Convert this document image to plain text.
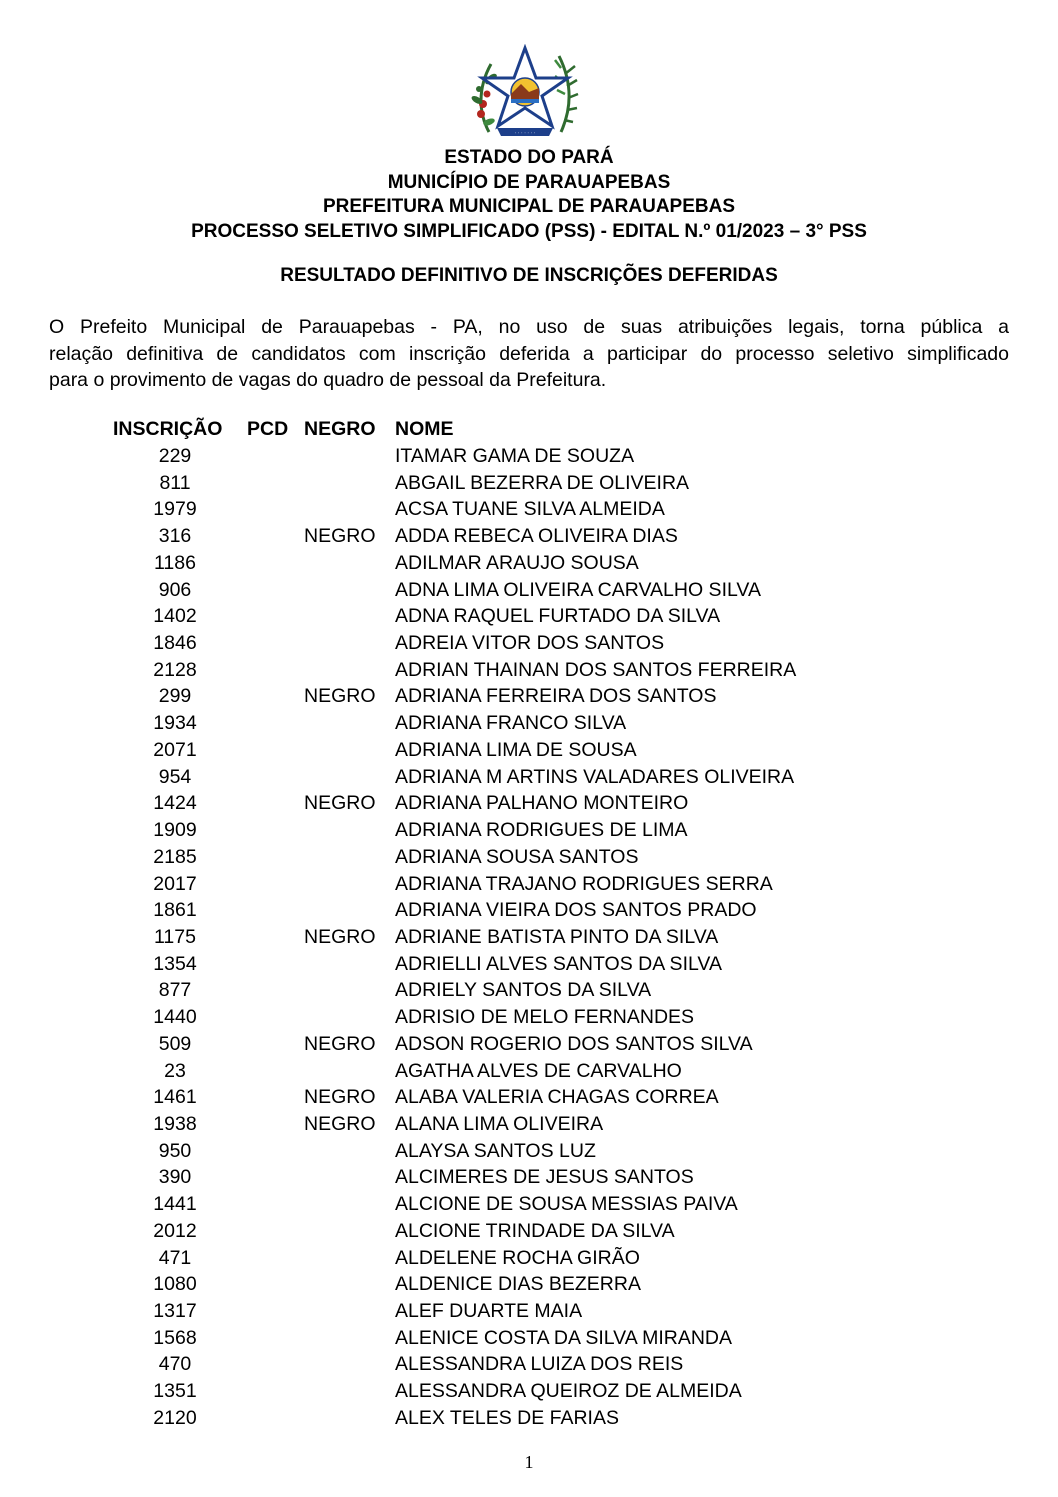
· · · · · · ·
ESTADO DO PARÁ
MUNICÍPIO DE PARAUAPEBAS
PREFEITURA MUNICIPAL DE PARAUAPEBAS
PROCESSO SELETIVO SIMPLIFICADO (PSS) - EDITAL N.º 01/2023 – 3° PSS
RESULTADO DEFINITIVO DE INSCRIÇÕES DEFERIDAS
O Prefeito Municipal de Parauapebas - PA, no uso de suas atribuições legais, torna pública a
relação definitiva de candidatos com inscrição deferida a participar do processo seletivo simplificado
para o provimento de vagas do quadro de pessoal da Prefeitura.
INSCRIÇÃO PCD NEGRO NOME
229	ITAMAR GAMA DE SOUZA
811	ABGAIL BEZERRA DE OLIVEIRA
1979	ACSA TUANE SILVA ALMEIDA
316	NEGRO ADDA REBECA OLIVEIRA DIAS
1186	ADILMAR ARAUJO SOUSA
906	ADNA LIMA OLIVEIRA CARVALHO SILVA
1402	ADNA RAQUEL FURTADO DA SILVA
1846	ADREIA VITOR DOS SANTOS
2128	ADRIAN THAINAN DOS SANTOS FERREIRA
299	NEGRO ADRIANA FERREIRA DOS SANTOS
1934	ADRIANA FRANCO SILVA
2071	ADRIANA LIMA DE SOUSA
954	ADRIANA M ARTINS VALADARES OLIVEIRA
1424	NEGRO ADRIANA PALHANO MONTEIRO
1909	ADRIANA RODRIGUES DE LIMA
2185	ADRIANA SOUSA SANTOS
2017	ADRIANA TRAJANO RODRIGUES SERRA
1861	ADRIANA VIEIRA DOS SANTOS PRADO
1175	NEGRO ADRIANE BATISTA PINTO DA SILVA
1354	ADRIELLI ALVES SANTOS DA SILVA
877	ADRIELY SANTOS DA SILVA
1440	ADRISIO DE MELO FERNANDES
509	NEGRO ADSON ROGERIO DOS SANTOS SILVA
23	AGATHA ALVES DE CARVALHO
1461	NEGRO ALABA VALERIA CHAGAS CORREA
1938	NEGRO ALANA LIMA OLIVEIRA
950	ALAYSA SANTOS LUZ
390	ALCIMERES DE JESUS SANTOS
1441	ALCIONE DE SOUSA MESSIAS PAIVA
2012	ALCIONE TRINDADE DA SILVA
471	ALDELENE ROCHA GIRÃO
1080	ALDENICE DIAS BEZERRA
1317	ALEF DUARTE MAIA
1568	ALENICE COSTA DA SILVA MIRANDA
470	ALESSANDRA LUIZA DOS REIS
1351	ALESSANDRA QUEIROZ DE ALMEIDA
2120	ALEX TELES DE FARIAS
1
